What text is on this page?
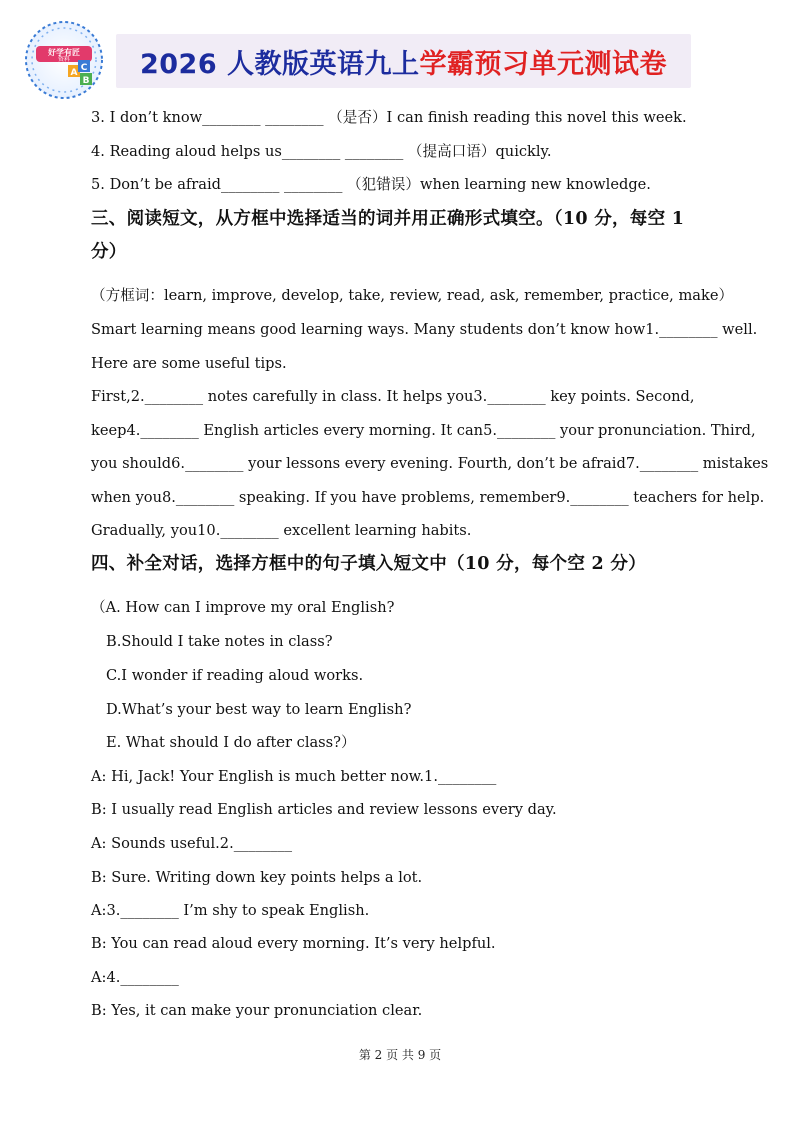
好学有匠
资料
A
B
C 2026 人教版英语九上 学霸预习单元测试卷
3. I don’t know________ ________ （是否）I can finish reading this novel this week.
4. Reading aloud helps us________ ________ （提高口语）quickly.
5. Don’t be afraid________ ________ （犯错误）when learning new knowledge.
三、阅读短文，从方框中选择适当的词并用正确形式填空。（10 分，每空 1
分）
（方框词：learn, improve, develop, take, review, read, ask, remember, practice, make）
Smart learning means good learning ways. Many students don’t know how1.________ well.
Here are some useful tips.
First,2.________ notes carefully in class. It helps you3.________ key points. Second,
keep4.________ English articles every morning. It can5.________ your pronunciation. Third,
you should6.________ your lessons every evening. Fourth, don’t be afraid7.________ mistakes
when you8.________ speaking. If you have problems, remember9.________ teachers for help.
Gradually, you10.________ excellent learning habits.
四、补全对话，选择方框中的句子填入短文中（10 分，每个空 2 分）
（A. How can I improve my oral English?
B.Should I take notes in class?
C.I wonder if reading aloud works.
D.What’s your best way to learn English?
E. What should I do after class?）
A: Hi, Jack! Your English is much better now.1.________
B: I usually read English articles and review lessons every day.
A: Sounds useful.2.________
B: Sure. Writing down key points helps a lot.
A:3.________ I’m shy to speak English.
B: You can read aloud every morning. It’s very helpful.
A:4.________
B: Yes, it can make your pronunciation clear.
第 2 页 共 9 页
